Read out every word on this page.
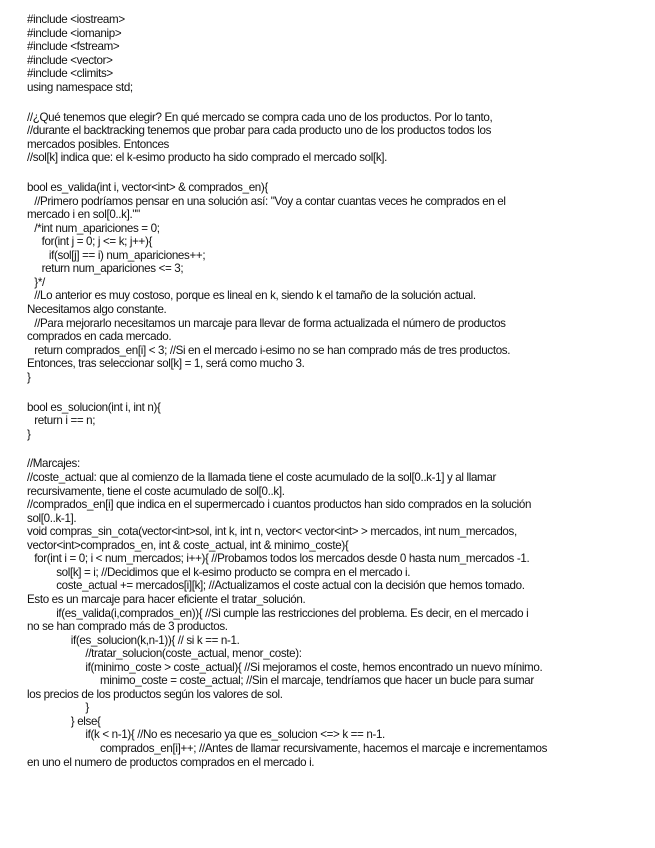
#include <iostream>
#include <iomanip>
#include <fstream>
#include <vector>
#include <climits>
using namespace std;
//¿Qué tenemos que elegir? En qué mercado se compra cada uno de los productos. Por lo tanto,
//durante el backtracking tenemos que probar para cada producto uno de los productos todos los
mercados posibles. Entonces
//sol[k] indica que: el k-esimo producto ha sido comprado el mercado sol[k].
bool es_valida(int i, vector<int> & comprados_en){
//Primero podríamos pensar en una solución así: "Voy a contar cuantas veces he comprados en el
mercado i en sol[0..k].""
/*int num_apariciones = 0;
for(int j = 0; j <= k; j++){
if(sol[j] == i) num_apariciones++;
return num_apariciones <= 3;
}*/
//Lo anterior es muy costoso, porque es lineal en k, siendo k el tamaño de la solución actual.
Necesitamos algo constante.
//Para mejorarlo necesitamos un marcaje para llevar de forma actualizada el número de productos
comprados en cada mercado.
return comprados_en[i] < 3; //Si en el mercado i-esimo no se han comprado más de tres productos.
Entonces, tras seleccionar sol[k] = 1, será como mucho 3.
}
bool es_solucion(int i, int n){
return i == n;
}
//Marcajes:
//coste_actual: que al comienzo de la llamada tiene el coste acumulado de la sol[0..k-1] y al llamar
recursivamente, tiene el coste acumulado de sol[0..k].
//comprados_en[i] que indica en el supermercado i cuantos productos han sido comprados en la solución
sol[0..k-1].
void compras_sin_cota(vector<int>sol, int k, int n, vector< vector<int> > mercados, int num_mercados,
vector<int>comprados_en, int & coste_actual, int & minimo_coste){
for(int i = 0; i < num_mercados; i++){ //Probamos todos los mercados desde 0 hasta num_mercados -1.
sol[k] = i; //Decidimos que el k-esimo producto se compra en el mercado i.
coste_actual += mercados[i][k]; //Actualizamos el coste actual con la decisión que hemos tomado.
Esto es un marcaje para hacer eficiente el tratar_solución.
if(es_valida(i,comprados_en)){ //Si cumple las restricciones del problema. Es decir, en el mercado i
no se han comprado más de 3 productos.
if(es_solucion(k,n-1)){ // si k == n-1.
//tratar_solucion(coste_actual, menor_coste):
if(minimo_coste > coste_actual){ //Si mejoramos el coste, hemos encontrado un nuevo mínimo.
minimo_coste = coste_actual; //Sin el marcaje, tendríamos que hacer un bucle para sumar
los precios de los productos según los valores de sol.
}
} else{
if(k < n-1){ //No es necesario ya que es_solucion <=> k == n-1.
comprados_en[i]++; //Antes de llamar recursivamente, hacemos el marcaje e incrementamos
en uno el numero de productos comprados en el mercado i.
